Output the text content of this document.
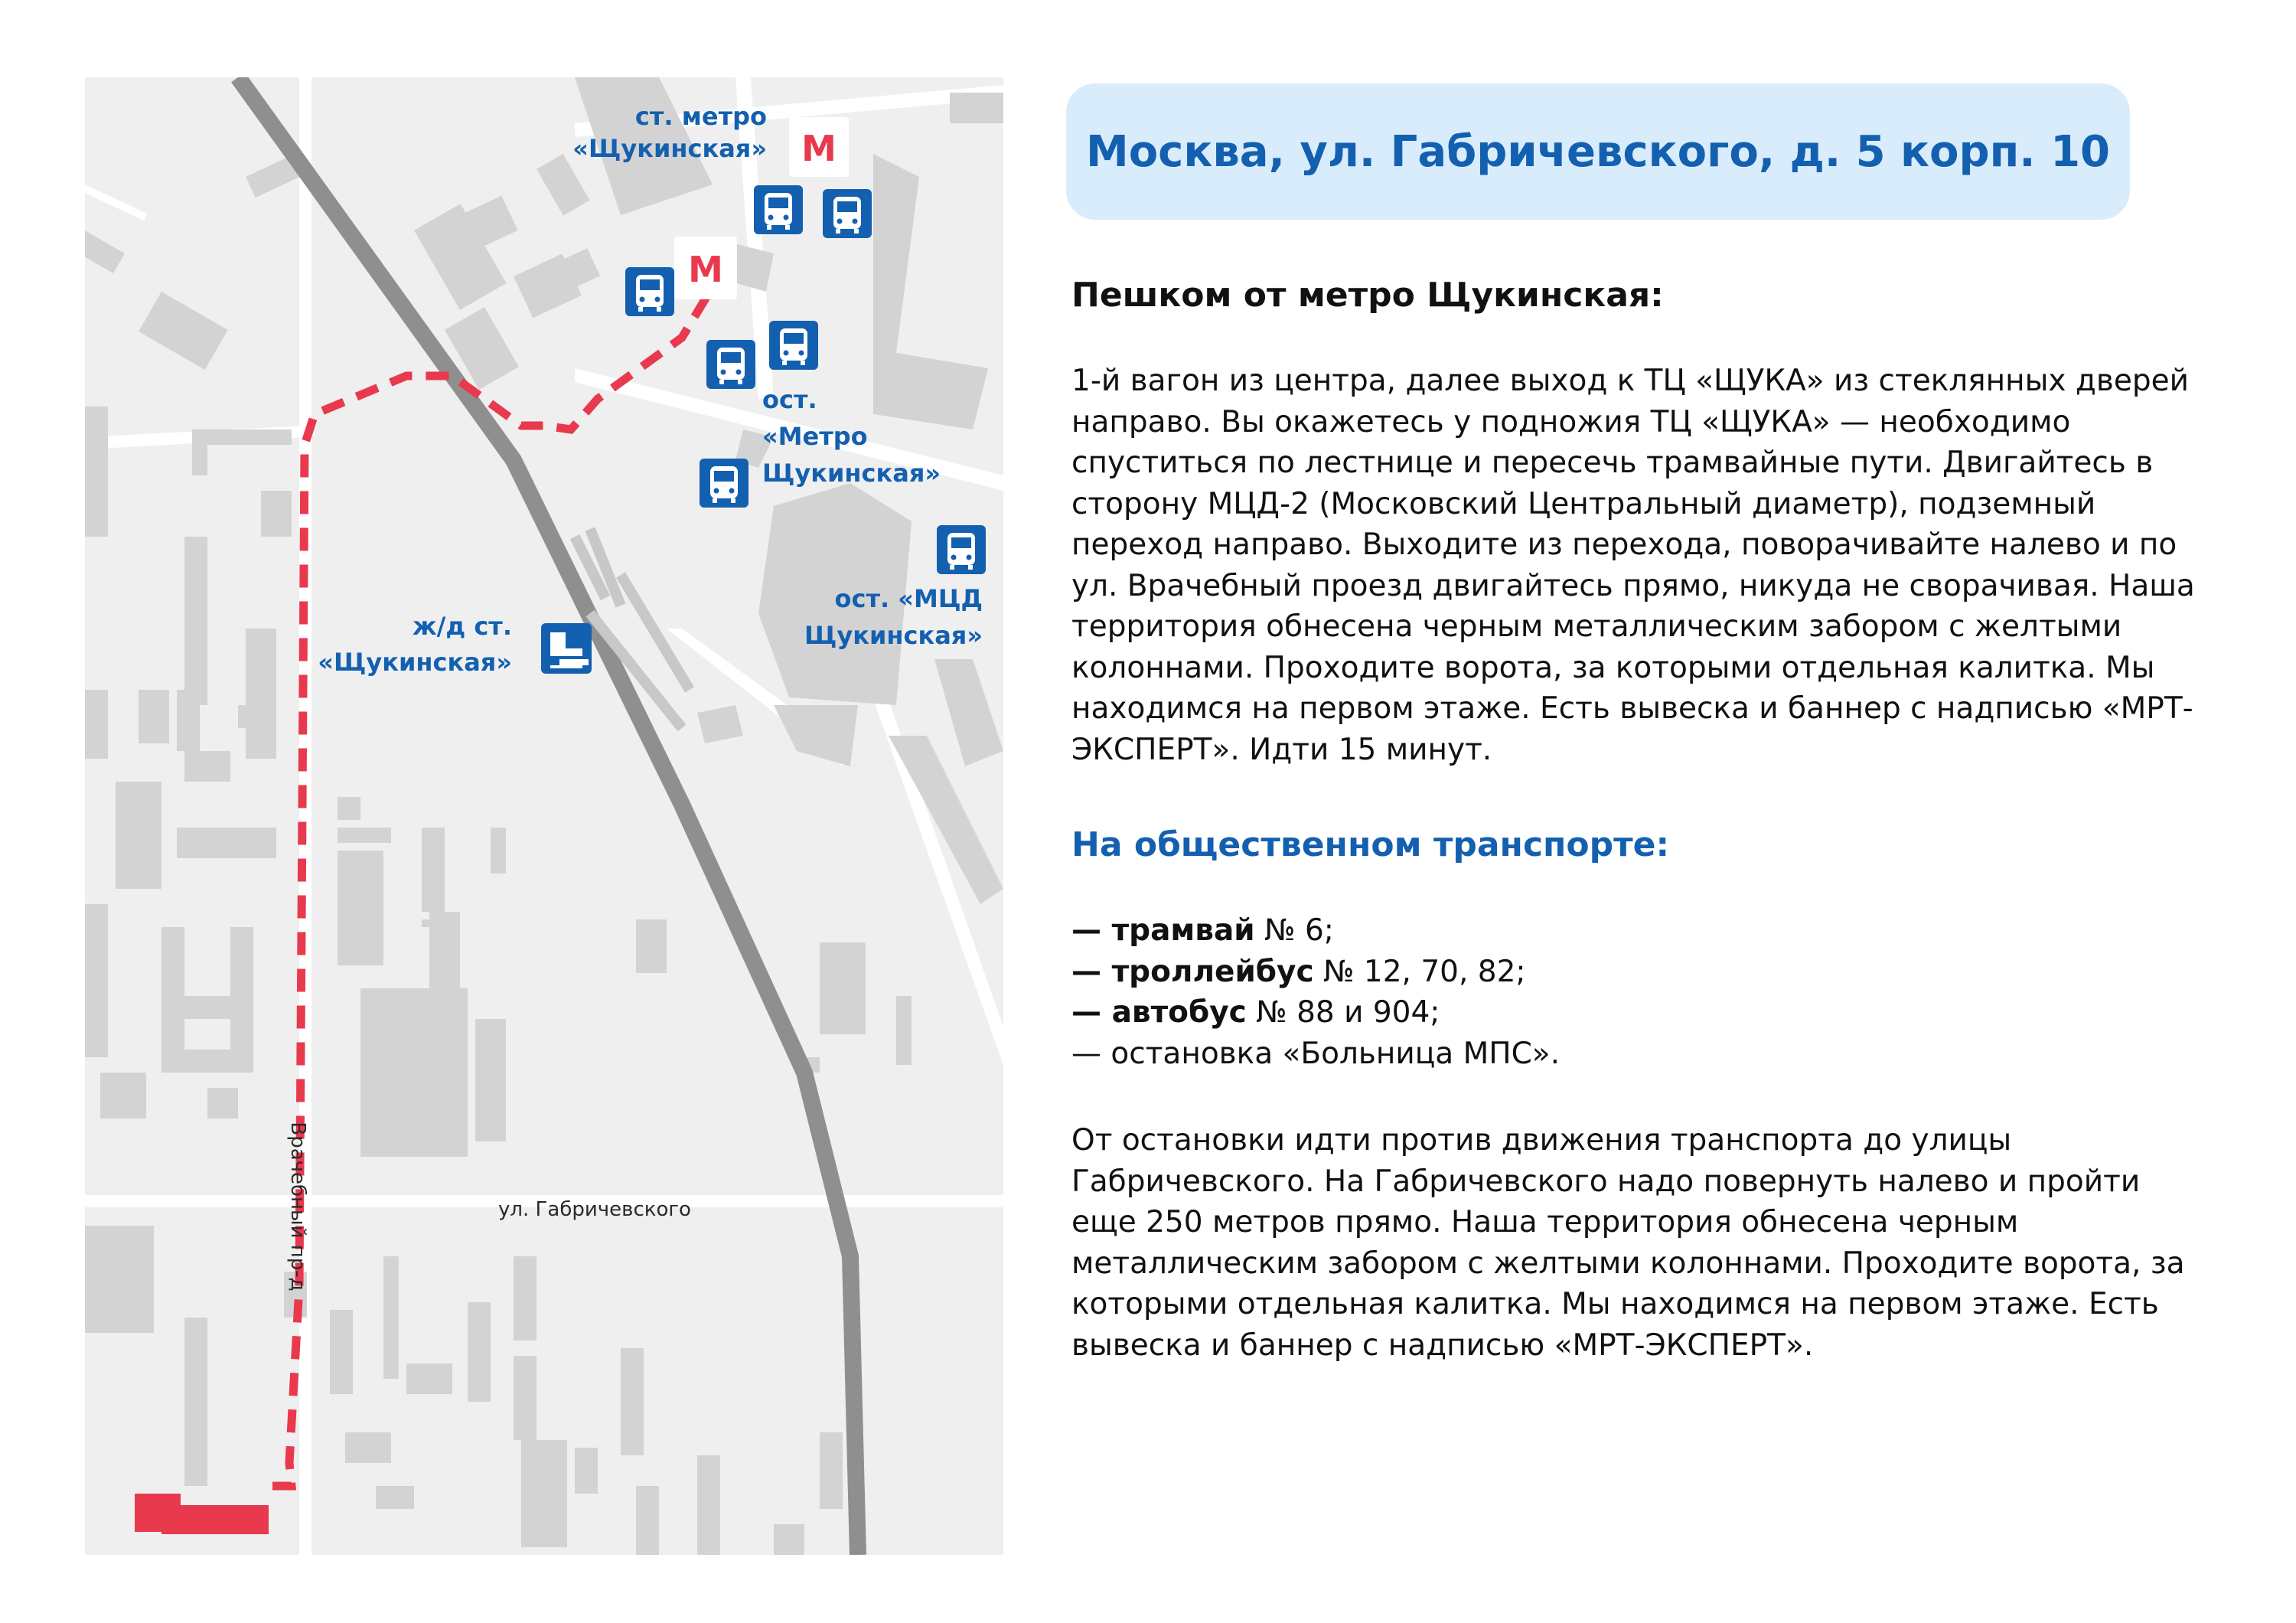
М
М
ст. метро
«Щукинская»
ост.
«Метро
Щукинская»
ост. «МЦД
Щукинская»
ж/д ст.
«Щукинская»
Врачебный пр-д	ул. Габричевского
Москва, ул. Габричевского, д. 5 корп. 10
Пешком от метро Щукинская:
1-й вагон из центра, далее выход к ТЦ «ЩУКА» из стеклянных дверей
направо. Вы окажетесь у подножия ТЦ «ЩУКА» — необходимо
спуститься по лестнице и пересечь трамвайные пути. Двигайтесь в
сторону МЦД-2 (Московский Центральный диаметр), подземный
переход направо. Выходите из перехода, поворачивайте налево и по
ул. Врачебный проезд двигайтесь прямо, никуда не сворачивая. Наша
территория обнесена черным металлическим забором с желтыми
колоннами. Проходите ворота, за которыми отдельная калитка. Мы
находимся на первом этаже. Есть вывеска и баннер с надписью «МРТ-
ЭКСПЕРТ». Идти 15 минут.
На общественном транспорте:
— трамвай № 6;
— троллейбус № 12, 70, 82;
— автобус № 88 и 904;
— остановка «Больница МПС».
От остановки идти против движения транспорта до улицы
Габричевского. На Габричевского надо повернуть налево и пройти
еще 250 метров прямо. Наша территория обнесена черным
металлическим забором с желтыми колоннами. Проходите ворота, за
которыми отдельная калитка. Мы находимся на первом этаже. Есть
вывеска и баннер с надписью «МРТ-ЭКСПЕРТ».
